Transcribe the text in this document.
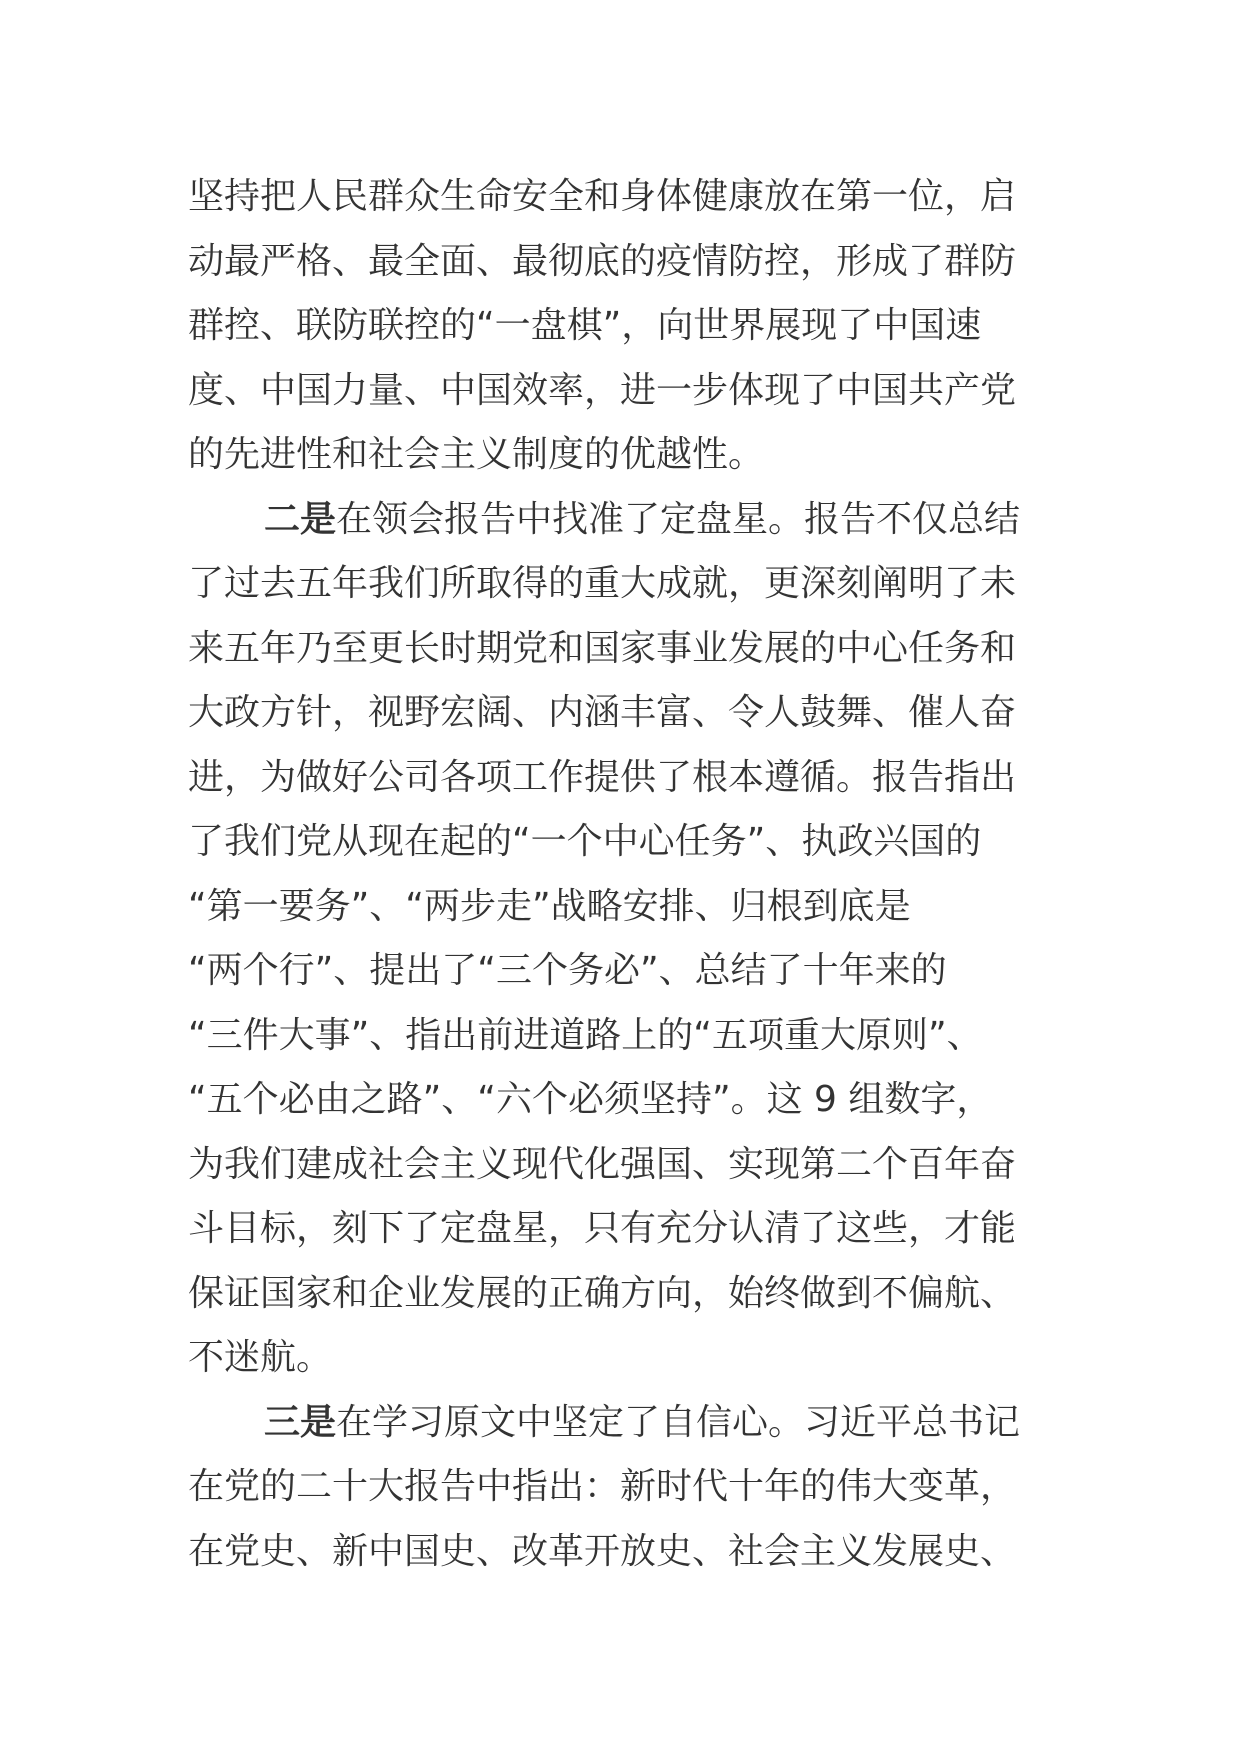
坚持把人民群众生命安全和身体健康放在第一位，启
动最严格、最全面、最彻底的疫情防控，形成了群防
群控、联防联控的“一盘棋”，向世界展现了中国速
度、中国力量、中国效率，进一步体现了中国共产党
的先进性和社会主义制度的优越性。
二是在领会报告中找准了定盘星。报告不仅总结
了过去五年我们所取得的重大成就，更深刻阐明了未
来五年乃至更长时期党和国家事业发展的中心任务和
大政方针，视野宏阔、内涵丰富、令人鼓舞、催人奋
进，为做好公司各项工作提供了根本遵循。报告指出
了我们党从现在起的“一个中心任务”、执政兴国的
“第一要务”、“两步走”战略安排、归根到底是
“两个行”、提出了“三个务必”、总结了十年来的
“三件大事”、指出前进道路上的“五项重大原则”、
“五个必由之路”、“六个必须坚持”。这 9 组数字，
为我们建成社会主义现代化强国、实现第二个百年奋
斗目标，刻下了定盘星，只有充分认清了这些，才能
保证国家和企业发展的正确方向，始终做到不偏航、
不迷航。
三是在学习原文中坚定了自信心。习近平总书记
在党的二十大报告中指出：新时代十年的伟大变革，
在党史、新中国史、改革开放史、社会主义发展史、
